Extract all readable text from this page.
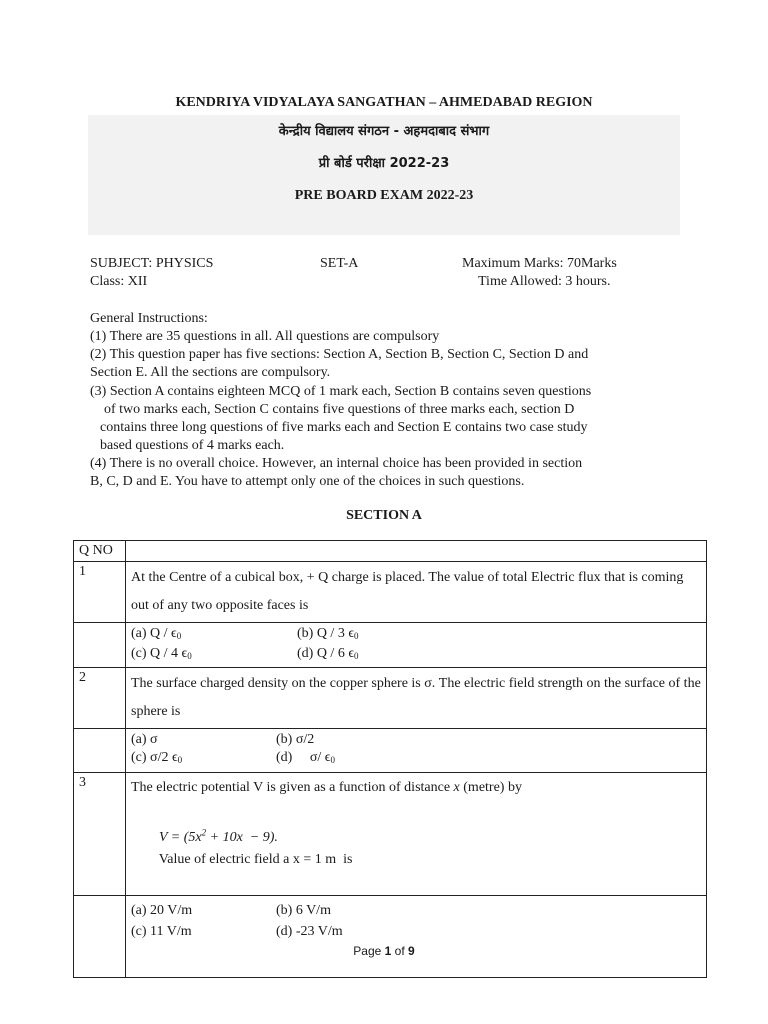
KENDRIYA VIDYALAYA SANGATHAN – AHMEDABAD REGION
केन्द्रीय विद्यालय संगठन - अहमदाबाद संभाग
प्री बोर्ड परीक्षा 2022-23
PRE BOARD EXAM 2022-23
SUBJECT: PHYSICS	SET-A	Maximum Marks: 70Marks
Class: XII	Time Allowed: 3 hours.
General Instructions:
(1) There are 35 questions in all. All questions are compulsory
(2) This question paper has five sections: Section A, Section B, Section C, Section D and
Section E. All the sections are compulsory.
(3) Section A contains eighteen MCQ of 1 mark each, Section B contains seven questions
of two marks each, Section C contains five questions of three marks each, section D
contains three long questions of five marks each and Section E contains two case study
based questions of 4 marks each.
(4) There is no overall choice. However, an internal choice has been provided in section
B, C, D and E. You have to attempt only one of the choices in such questions.
SECTION A
Q NO	
1	At the Centre of a cubical box, + Q charge is placed. The value of total Electric flux that is coming out of any two opposite faces is

	(a) Q / ϵ0 (b) Q / 3 ϵ0
(c) Q / 4 ϵ0 (d) Q / 6 ϵ0

2	The surface charged density on the copper sphere is σ. The electric field strength on the surface of the sphere is

	(a) σ (b) σ/2
(c) σ/2 ϵ0 (d)     σ/ ϵ0

3	The electric potential V is given as a function of distance x (metre) by

$V = (5x^2 + 10x - 9)$.
Value of electric field a x = 1 m  is

	(a) 20 V/m (b) 6 V/m
(c) 11 V/m (d) -23 V/m
Page 1 of 9
